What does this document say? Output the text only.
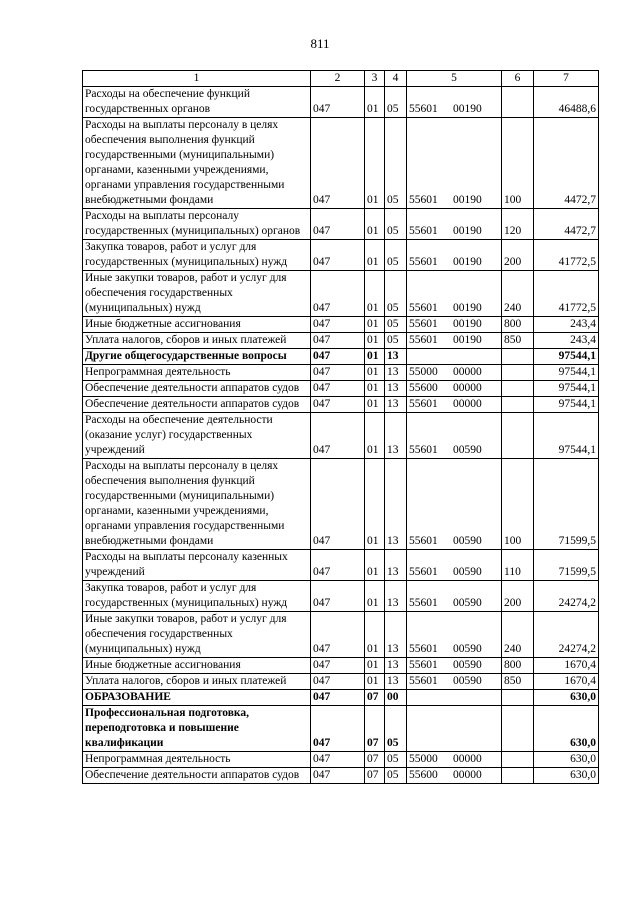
811
1	2	3	4	5	6	7
Расходы на обеспечение функций государственных органов	047	01	05	55601 00190		46488,6
Расходы на выплаты персоналу в целях обеспечения выполнения функций государственными (муниципальными) органами, казенными учреждениями, органами управления государственными внебюджетными фондами	047	01	05	55601 00190	100	4472,7
Расходы на выплаты персоналу государственных (муниципальных) органов	047	01	05	55601 00190	120	4472,7
Закупка товаров, работ и услуг для государственных (муниципальных) нужд	047	01	05	55601 00190	200	41772,5
Иные закупки товаров, работ и услуг для обеспечения государственных (муниципальных) нужд	047	01	05	55601 00190	240	41772,5
Иные бюджетные ассигнования	047	01	05	55601 00190	800	243,4
Уплата налогов, сборов и иных платежей	047	01	05	55601 00190	850	243,4
Другие общегосударственные вопросы	047	01	13			97544,1
Непрограммная деятельность	047	01	13	55000 00000		97544,1
Обеспечение деятельности аппаратов судов	047	01	13	55600 00000		97544,1
Обеспечение деятельности аппаратов судов	047	01	13	55601 00000		97544,1
Расходы на обеспечение деятельности (оказание услуг) государственных учреждений	047	01	13	55601 00590		97544,1
Расходы на выплаты персоналу в целях обеспечения выполнения функций государственными (муниципальными) органами, казенными учреждениями, органами управления государственными внебюджетными фондами	047	01	13	55601 00590	100	71599,5
Расходы на выплаты персоналу казенных учреждений	047	01	13	55601 00590	110	71599,5
Закупка товаров, работ и услуг для государственных (муниципальных) нужд	047	01	13	55601 00590	200	24274,2
Иные закупки товаров, работ и услуг для обеспечения государственных (муниципальных) нужд	047	01	13	55601 00590	240	24274,2
Иные бюджетные ассигнования	047	01	13	55601 00590	800	1670,4
Уплата налогов, сборов и иных платежей	047	01	13	55601 00590	850	1670,4
ОБРАЗОВАНИЕ	047	07	00			630,0
Профессиональная подготовка, переподготовка и повышение квалификации	047	07	05			630,0
Непрограммная деятельность	047	07	05	55000 00000		630,0
Обеспечение деятельности аппаратов судов	047	07	05	55600 00000		630,0
